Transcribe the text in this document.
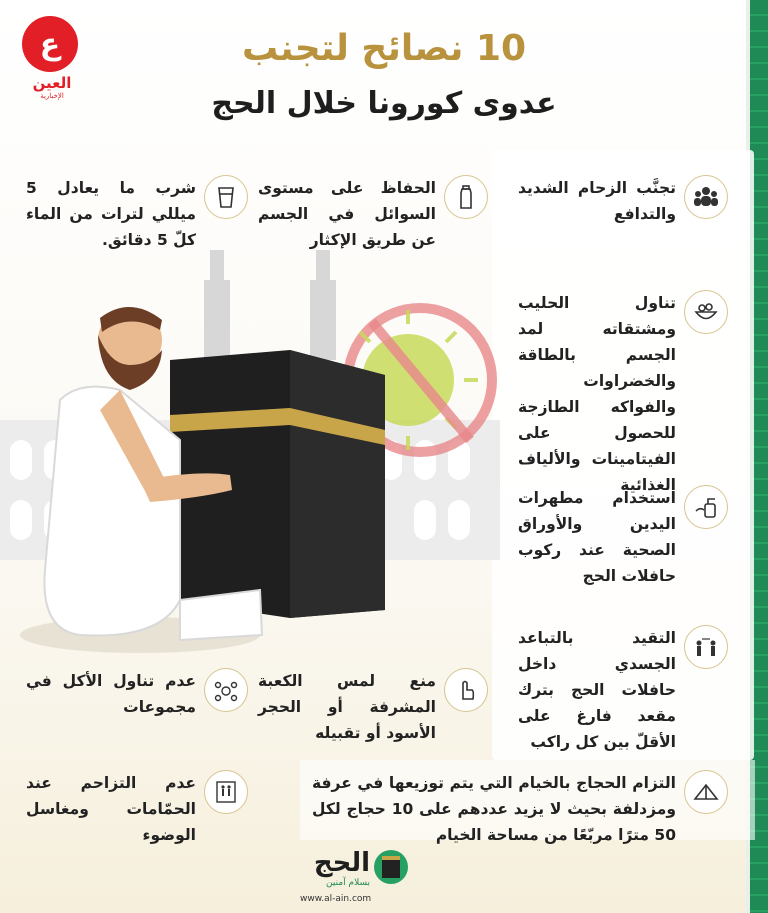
ع
العين
الإخبارية
10 نصائح لتجنب
عدوى كورونا خلال الحج
تجنَّب الزحام الشديد والتدافع
الحفاظ على مستوى السوائل في الجسم عن طريق الإكثار
شرب ما يعادل 5 ميللي لترات من الماء كلّ 5 دقائق.
تناول الحليب ومشتقاته لمد الجسم بالطاقة والخضراوات والفواكه الطازجة للحصول على الفيتامينات والألياف الغذائية
استخدام مطهرات اليدين والأوراق الصحية عند ركوب حافلات الحج
التقيد بالتباعد الجسدي داخل حافلات الحج بترك مقعد فارغ على الأقلّ بين كل راكب
منع لمس الكعبة المشرفة أو الحجر الأسود أو تقبيله
عدم تناول الأكل في مجموعات
التزام الحجاج بالخيام التي يتم توزيعها في عرفة ومزدلفة بحيث لا يزيد عددهم على 10 حجاج لكل 50 مترًا مربّعًا من مساحة الخيام
عدم التزاحم عند الحمّامات ومغاسل الوضوء
الحج
بسلام آمنين
www.al-ain.com
